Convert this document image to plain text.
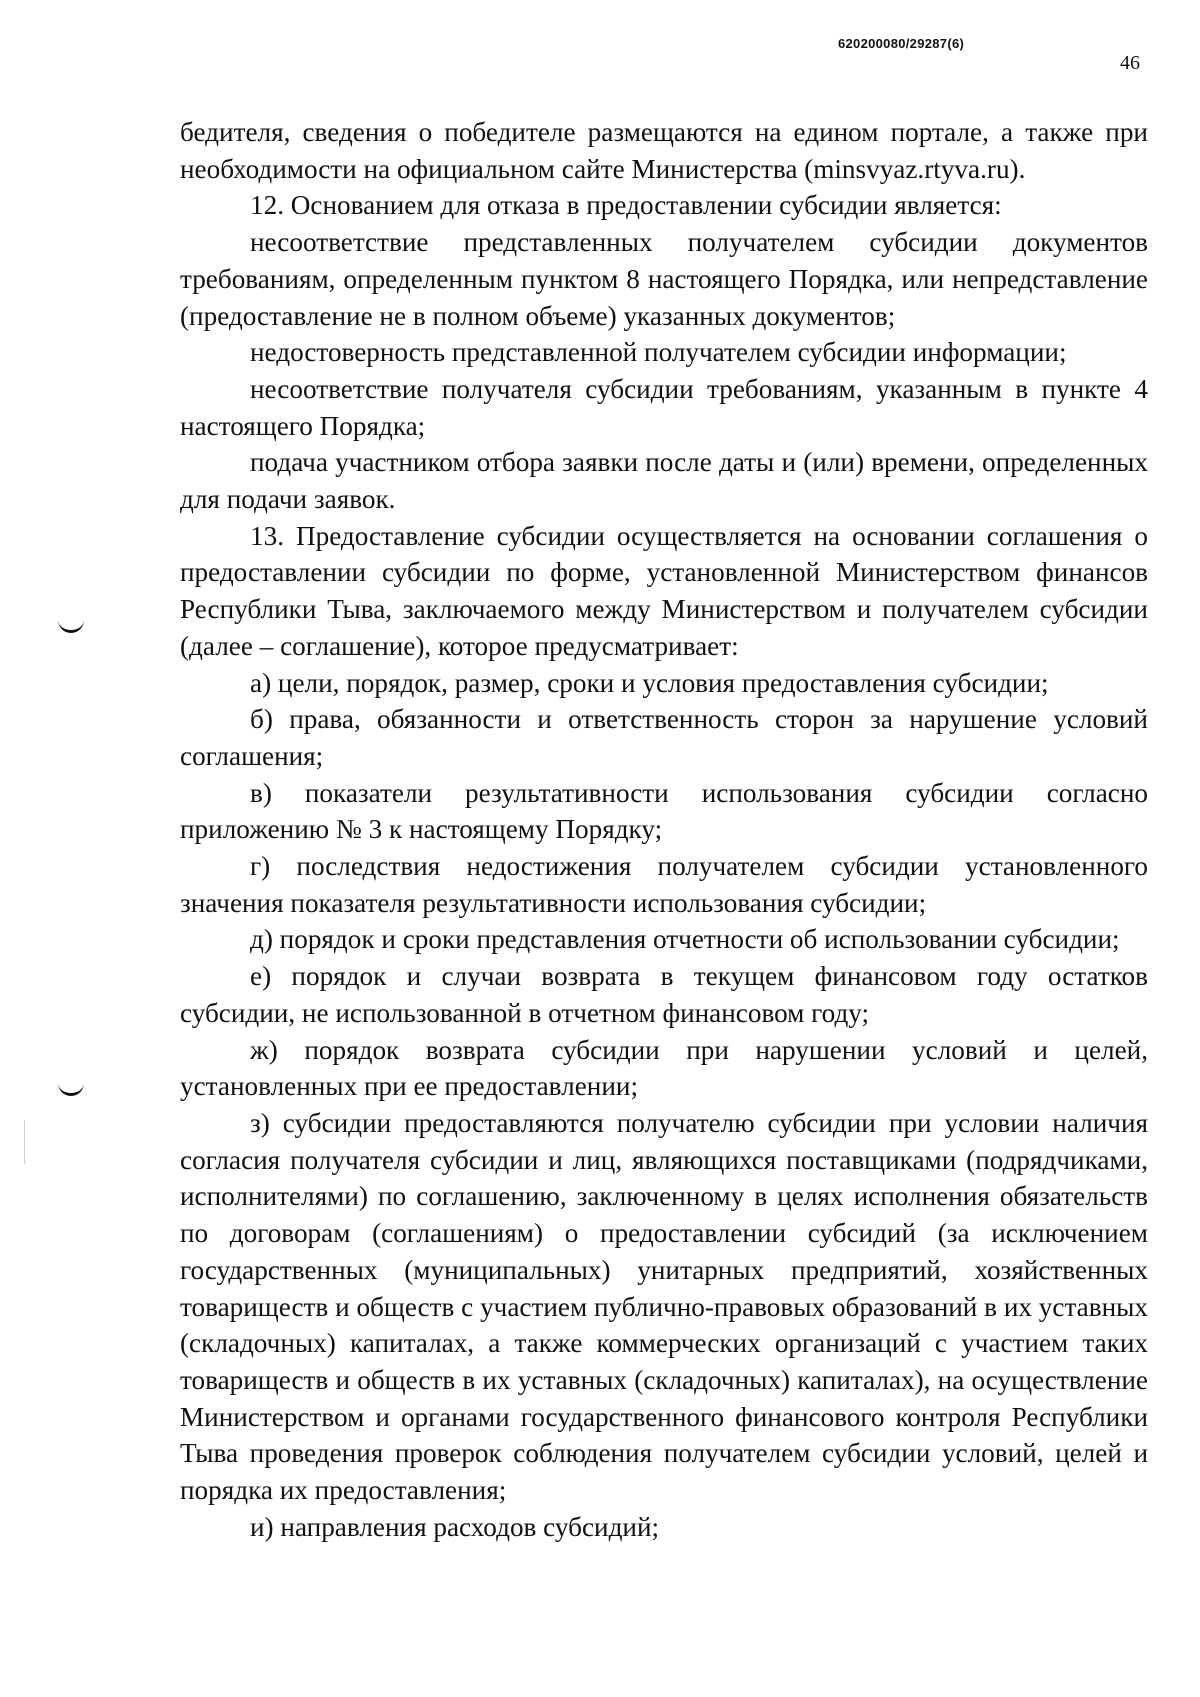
620200080/29287(6)
46

бедителя, сведения о победителе размещаются на едином портале, а также при необходимости на официальном сайте Министерства (minsvyaz.rtyva.ru).

12. Основанием для отказа в предоставлении субсидии является:

несоответствие представленных получателем субсидии документов требованиям, определенным пунктом 8 настоящего Порядка, или непредставление (предоставление не в полном объеме) указанных документов;

недостоверность представленной получателем субсидии информации;

несоответствие получателя субсидии требованиям, указанным в пункте 4 настоящего Порядка;

подача участником отбора заявки после даты и (или) времени, определенных для подачи заявок.

13. Предоставление субсидии осуществляется на основании соглашения о предоставлении субсидии по форме, установленной Министерством финансов Республики Тыва, заключаемого между Министерством и получателем субсидии (далее – соглашение), которое предусматривает:

а) цели, порядок, размер, сроки и условия предоставления субсидии;

б) права, обязанности и ответственность сторон за нарушение условий соглашения;

в) показатели результативности использования субсидии согласно приложению № 3 к настоящему Порядку;

г) последствия недостижения получателем субсидии установленного значения показателя результативности использования субсидии;

д) порядок и сроки представления отчетности об использовании субсидии;

е) порядок и случаи возврата в текущем финансовом году остатков субсидии, не использованной в отчетном финансовом году;

ж) порядок возврата субсидии при нарушении условий и целей, установленных при ее предоставлении;

з) субсидии предоставляются получателю субсидии при условии наличия согласия получателя субсидии и лиц, являющихся поставщиками (подрядчиками, исполнителями) по соглашению, заключенному в целях исполнения обязательств по договорам (соглашениям) о предоставлении субсидий (за исключением государственных (муниципальных) унитарных предприятий, хозяйственных товариществ и обществ с участием публично-правовых образований в их уставных (складочных) капиталах, а также коммерческих организаций с участием таких товариществ и обществ в их уставных (складочных) капиталах), на осуществление Министерством и органами государственного финансового контроля Республики Тыва проведения проверок соблюдения получателем субсидии условий, целей и порядка их предоставления;

и) направления расходов субсидий;
